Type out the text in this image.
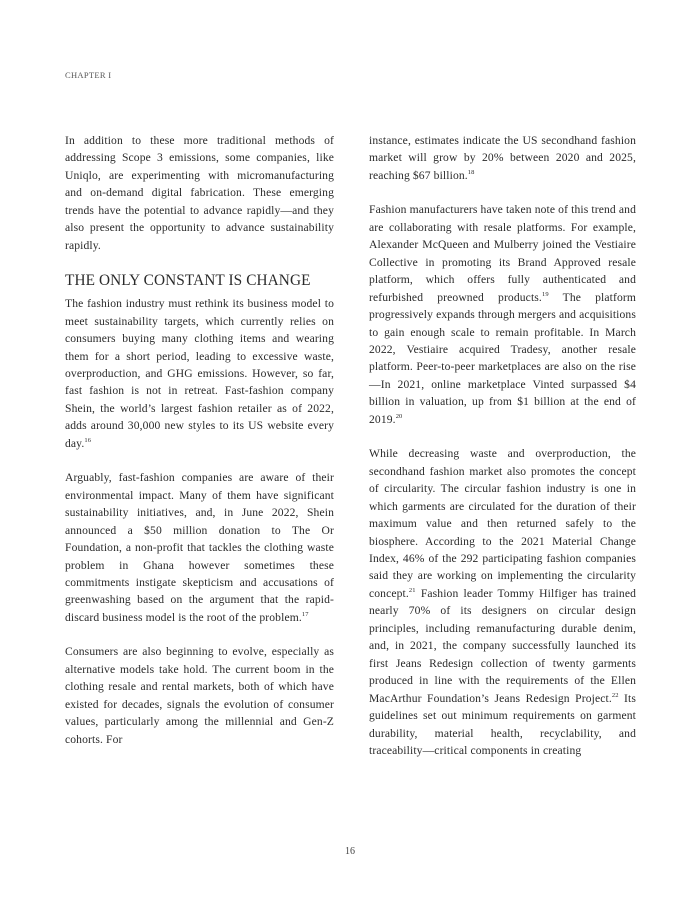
CHAPTER I

In addition to these more traditional methods of addressing Scope 3 emissions, some companies, like Uniqlo, are experimenting with micromanufacturing and on-demand digital fabrication. These emerging trends have the potential to advance rapidly—and they also present the opportunity to advance sustainability rapidly.

THE ONLY CONSTANT IS CHANGE

The fashion industry must rethink its business model to meet sustainability targets, which currently relies on consumers buying many clothing items and wearing them for a short period, leading to excessive waste, overproduction, and GHG emissions. However, so far, fast fashion is not in retreat. Fast-fashion company Shein, the world’s largest fashion retailer as of 2022, adds around 30,000 new styles to its US website every day.$^{16}$

Arguably, fast-fashion companies are aware of their environmental impact. Many of them have significant sustainability initiatives, and, in June 2022, Shein announced a $50 million donation to The Or Foundation, a non-profit that tackles the clothing waste problem in Ghana however sometimes these commitments instigate skepticism and accusations of greenwashing based on the argument that the rapid-discard business model is the root of the problem.$^{17}$

Consumers are also beginning to evolve, especially as alternative models take hold. The current boom in the clothing resale and rental markets, both of which have existed for decades, signals the evolution of consumer values, particularly among the millennial and Gen-Z cohorts. For

instance, estimates indicate the US secondhand fashion market will grow by 20% between 2020 and 2025, reaching $67 billion.$^{18}$

Fashion manufacturers have taken note of this trend and are collaborating with resale platforms. For example, Alexander McQueen and Mulberry joined the Vestiaire Collective in promoting its Brand Approved resale platform, which offers fully authenticated and refurbished preowned products.$^{19}$ The platform progressively expands through mergers and acquisitions to gain enough scale to remain profitable. In March 2022, Vestiaire acquired Tradesy, another resale platform. Peer-to-peer marketplaces are also on the rise—In 2021, online marketplace Vinted surpassed $4 billion in valuation, up from $1 billion at the end of 2019.20

While decreasing waste and overproduction, the secondhand fashion market also promotes the concept of circularity. The circular fashion industry is one in which garments are circulated for the duration of their maximum value and then returned safely to the biosphere. According to the 2021 Material Change Index, 46% of the 292 participating fashion companies said they are working on implementing the circularity concept.$^{21}$ Fashion leader Tommy Hilfiger has trained nearly 70% of its designers on circular design principles, including remanufacturing durable denim, and, in 2021, the company successfully launched its first Jeans Redesign collection of twenty garments produced in line with the requirements of the Ellen MacArthur Foundation’s Jeans Redesign Project.$^{22}$ Its guidelines set out minimum requirements on garment durability, material health, recyclability, and traceability—critical components in creating

16
